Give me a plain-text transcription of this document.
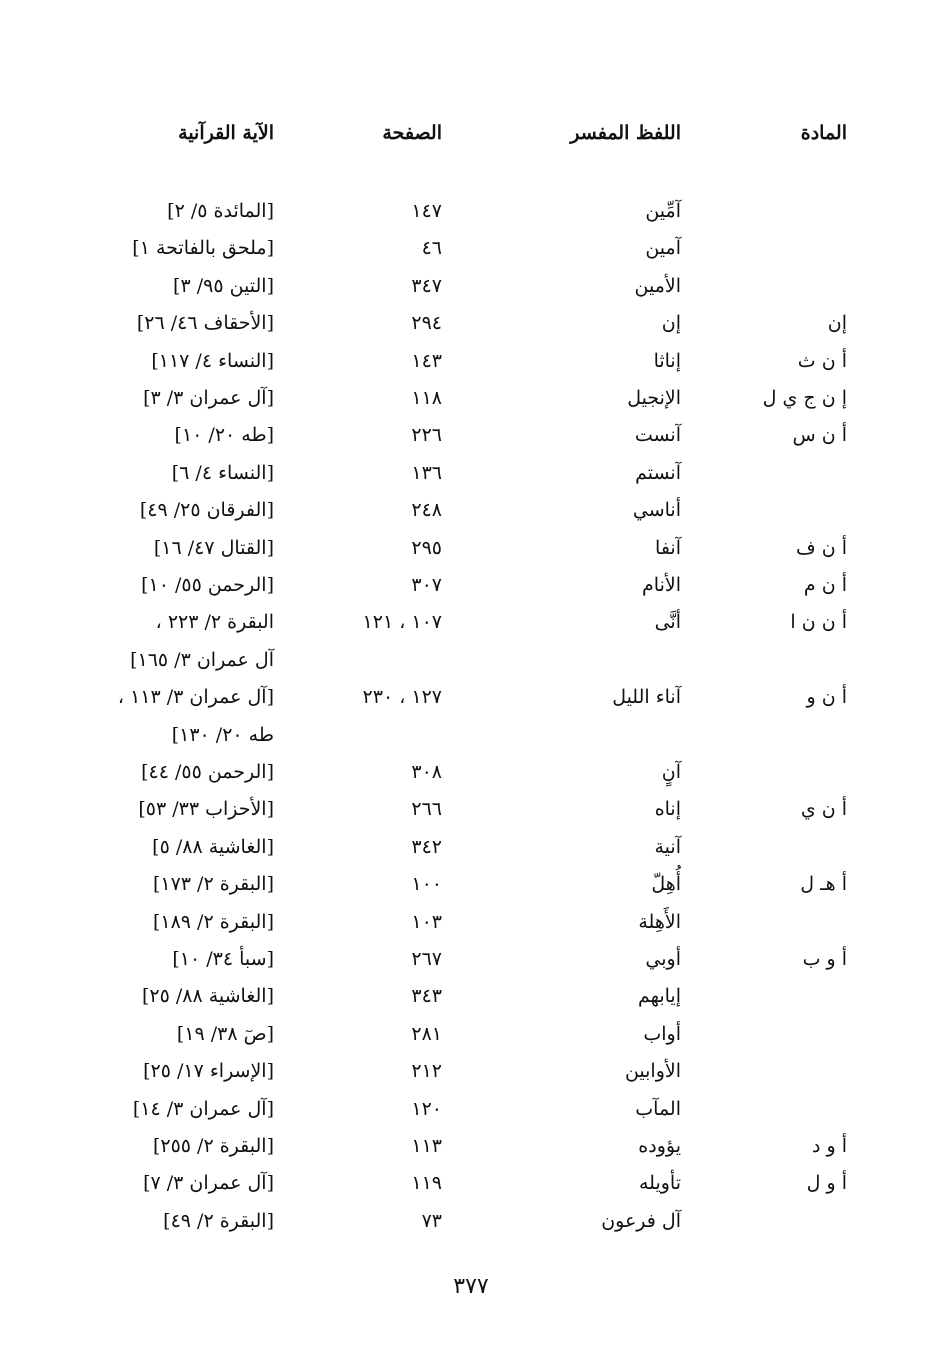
المادة
اللفظ المفسر
الصفحة
الآية القرآنية
آمِّين
١٤٧
[المائدة ٥/ ٢]
آمين
٤٦
[ملحق بالفاتحة ١]
الأمين
٣٤٧
[التين ٩٥/ ٣]
إن
إن
٢٩٤
[الأحقاف ٤٦/ ٢٦]
أ ن ث
إناثا
١٤٣
[النساء ٤/ ١١٧]
إ ن ج ي ل
الإنجيل
١١٨
[آل عمران ٣/ ٣]
أ ن س
آنست
٢٢٦
[طه ٢٠/ ١٠]
آنستم
١٣٦
[النساء ٤/ ٦]
أناسي
٢٤٨
[الفرقان ٢٥/ ٤٩]
أ ن ف
آنفا
٢٩٥
[القتال ٤٧/ ١٦]
أ ن م
الأنام
٣٠٧
[الرحمن ٥٥/ ١٠]
أ ن ن ا
أنَّى
١٠٧ ، ١٢١
البقرة ٢/ ٢٢٣ ،
آل عمران ٣/ ١٦٥]
أ ن و
آناء الليل
١٢٧ ، ٢٣٠
[آل عمران ٣/ ١١٣ ،
طه ٢٠/ ١٣٠]
آنٍ
٣٠٨
[الرحمن ٥٥/ ٤٤]
أ ن ي
إناه
٢٦٦
[الأحزاب ٣٣/ ٥٣]
آنية
٣٤٢
[الغاشية ٨٨/ ٥]
أ هـ ل
أُهِلّ
١٠٠
[البقرة ٢/ ١٧٣]
الأَهِلة
١٠٣
[البقرة ٢/ ١٨٩]
أ و ب
أوبي
٢٦٧
[سبأ ٣٤/ ١٠]
إيابهم
٣٤٣
[الغاشية ٨٨/ ٢٥]
أواب
٢٨١
[صٓ ٣٨/ ١٩]
الأوابين
٢١٢
[الإسراء ١٧/ ٢٥]
المآب
١٢٠
[آل عمران ٣/ ١٤]
أ و د
يؤوده
١١٣
[البقرة ٢/ ٢٥٥]
أ و ل
تأويله
١١٩
[آل عمران ٣/ ٧]
آل فرعون
٧٣
[البقرة ٢/ ٤٩]
٣٧٧
